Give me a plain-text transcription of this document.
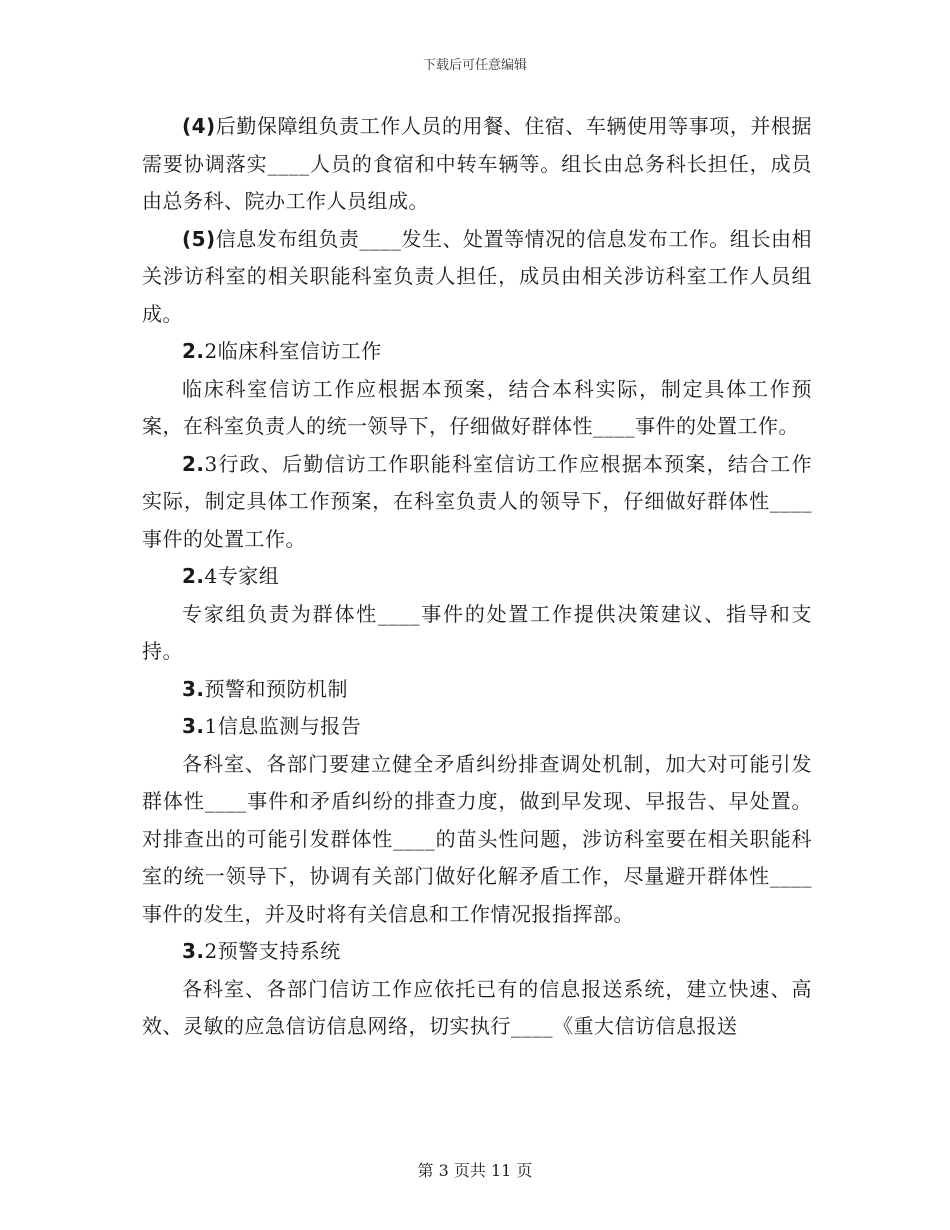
下载后可任意编辑

(4)后勤保障组负责工作人员的用餐、住宿、车辆使用等事项，并根据需要协调落实____人员的食宿和中转车辆等。组长由总务科长担任，成员由总务科、院办工作人员组成。

(5)信息发布组负责____发生、处置等情况的信息发布工作。组长由相关涉访科室的相关职能科室负责人担任，成员由相关涉访科室工作人员组成。

2.2临床科室信访工作

临床科室信访工作应根据本预案，结合本科实际，制定具体工作预案，在科室负责人的统一领导下，仔细做好群体性____事件的处置工作。

2.3行政、后勤信访工作职能科室信访工作应根据本预案，结合工作实际，制定具体工作预案，在科室负责人的领导下，仔细做好群体性____事件的处置工作。

2.4专家组

专家组负责为群体性____事件的处置工作提供决策建议、指导和支持。

3.预警和预防机制

3.1信息监测与报告

各科室、各部门要建立健全矛盾纠纷排查调处机制，加大对可能引发群体性____事件和矛盾纠纷的排查力度，做到早发现、早报告、早处置。对排查出的可能引发群体性____的苗头性问题，涉访科室要在相关职能科室的统一领导下，协调有关部门做好化解矛盾工作，尽量避开群体性____事件的发生，并及时将有关信息和工作情况报指挥部。

3.2预警支持系统

各科室、各部门信访工作应依托已有的信息报送系统，建立快速、高效、灵敏的应急信访信息网络，切实执行____《重大信访信息报送

第 3 页共 11 页
